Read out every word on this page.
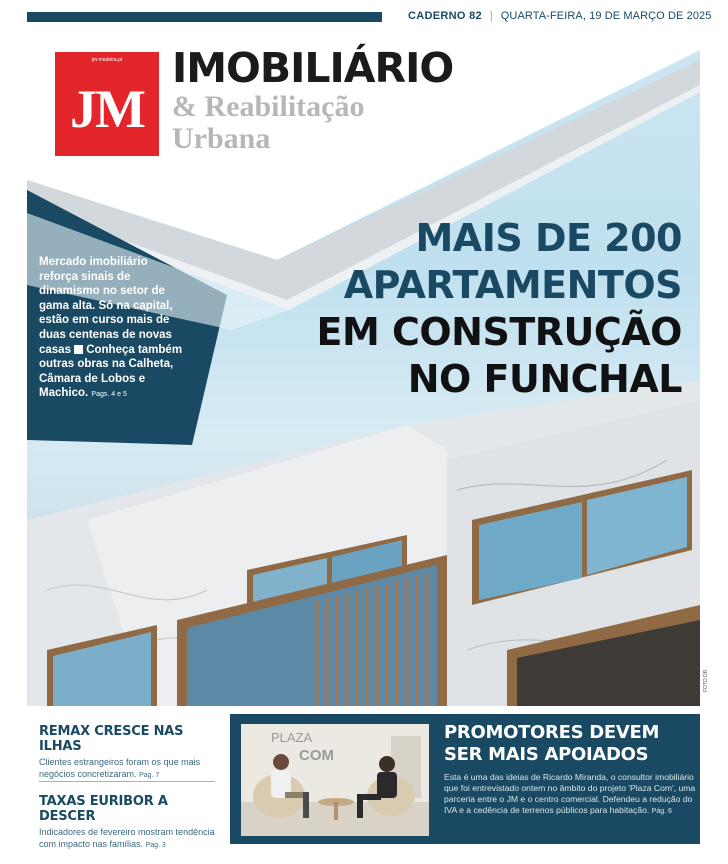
CADERNO 82 | QUARTA-FEIRA, 19 DE MARÇO DE 2025
jm-madeira.pt
JM
IMOBILIÁRIO
& Reabilitação
Urbana
Mercado imobiliário reforça sinais de dinamismo no setor de gama alta. Só na capital, estão em curso mais de duas centenas de novas casas Conheça também outras obras na Calheta, Câmara de Lobos e Machico. Pags. 4 e 5
MAIS DE 200
APARTAMENTOS
EM CONSTRUÇÃO
NO FUNCHAL
FOTO DR
REMAX CRESCE NAS ILHAS
Clientes estrangeiros foram os que mais negócios concretizaram. Pag. 7
TAXAS EURIBOR A DESCER
Indicadores de fevereiro mostram tendência com impacto nas famílias. Pag. 3
PLAZA
COM
PROMOTORES DEVEM SER MAIS APOIADOS
Esta é uma das ideias de Ricardo Miranda, o consultor imobiliário que foi entrevistado ontem no âmbito do projeto 'Plaza Com', uma parceria entre o JM e o centro comercial. Defendeu a redução do IVA e a cedência de terrenos públicos para habitação. Pág. 6
